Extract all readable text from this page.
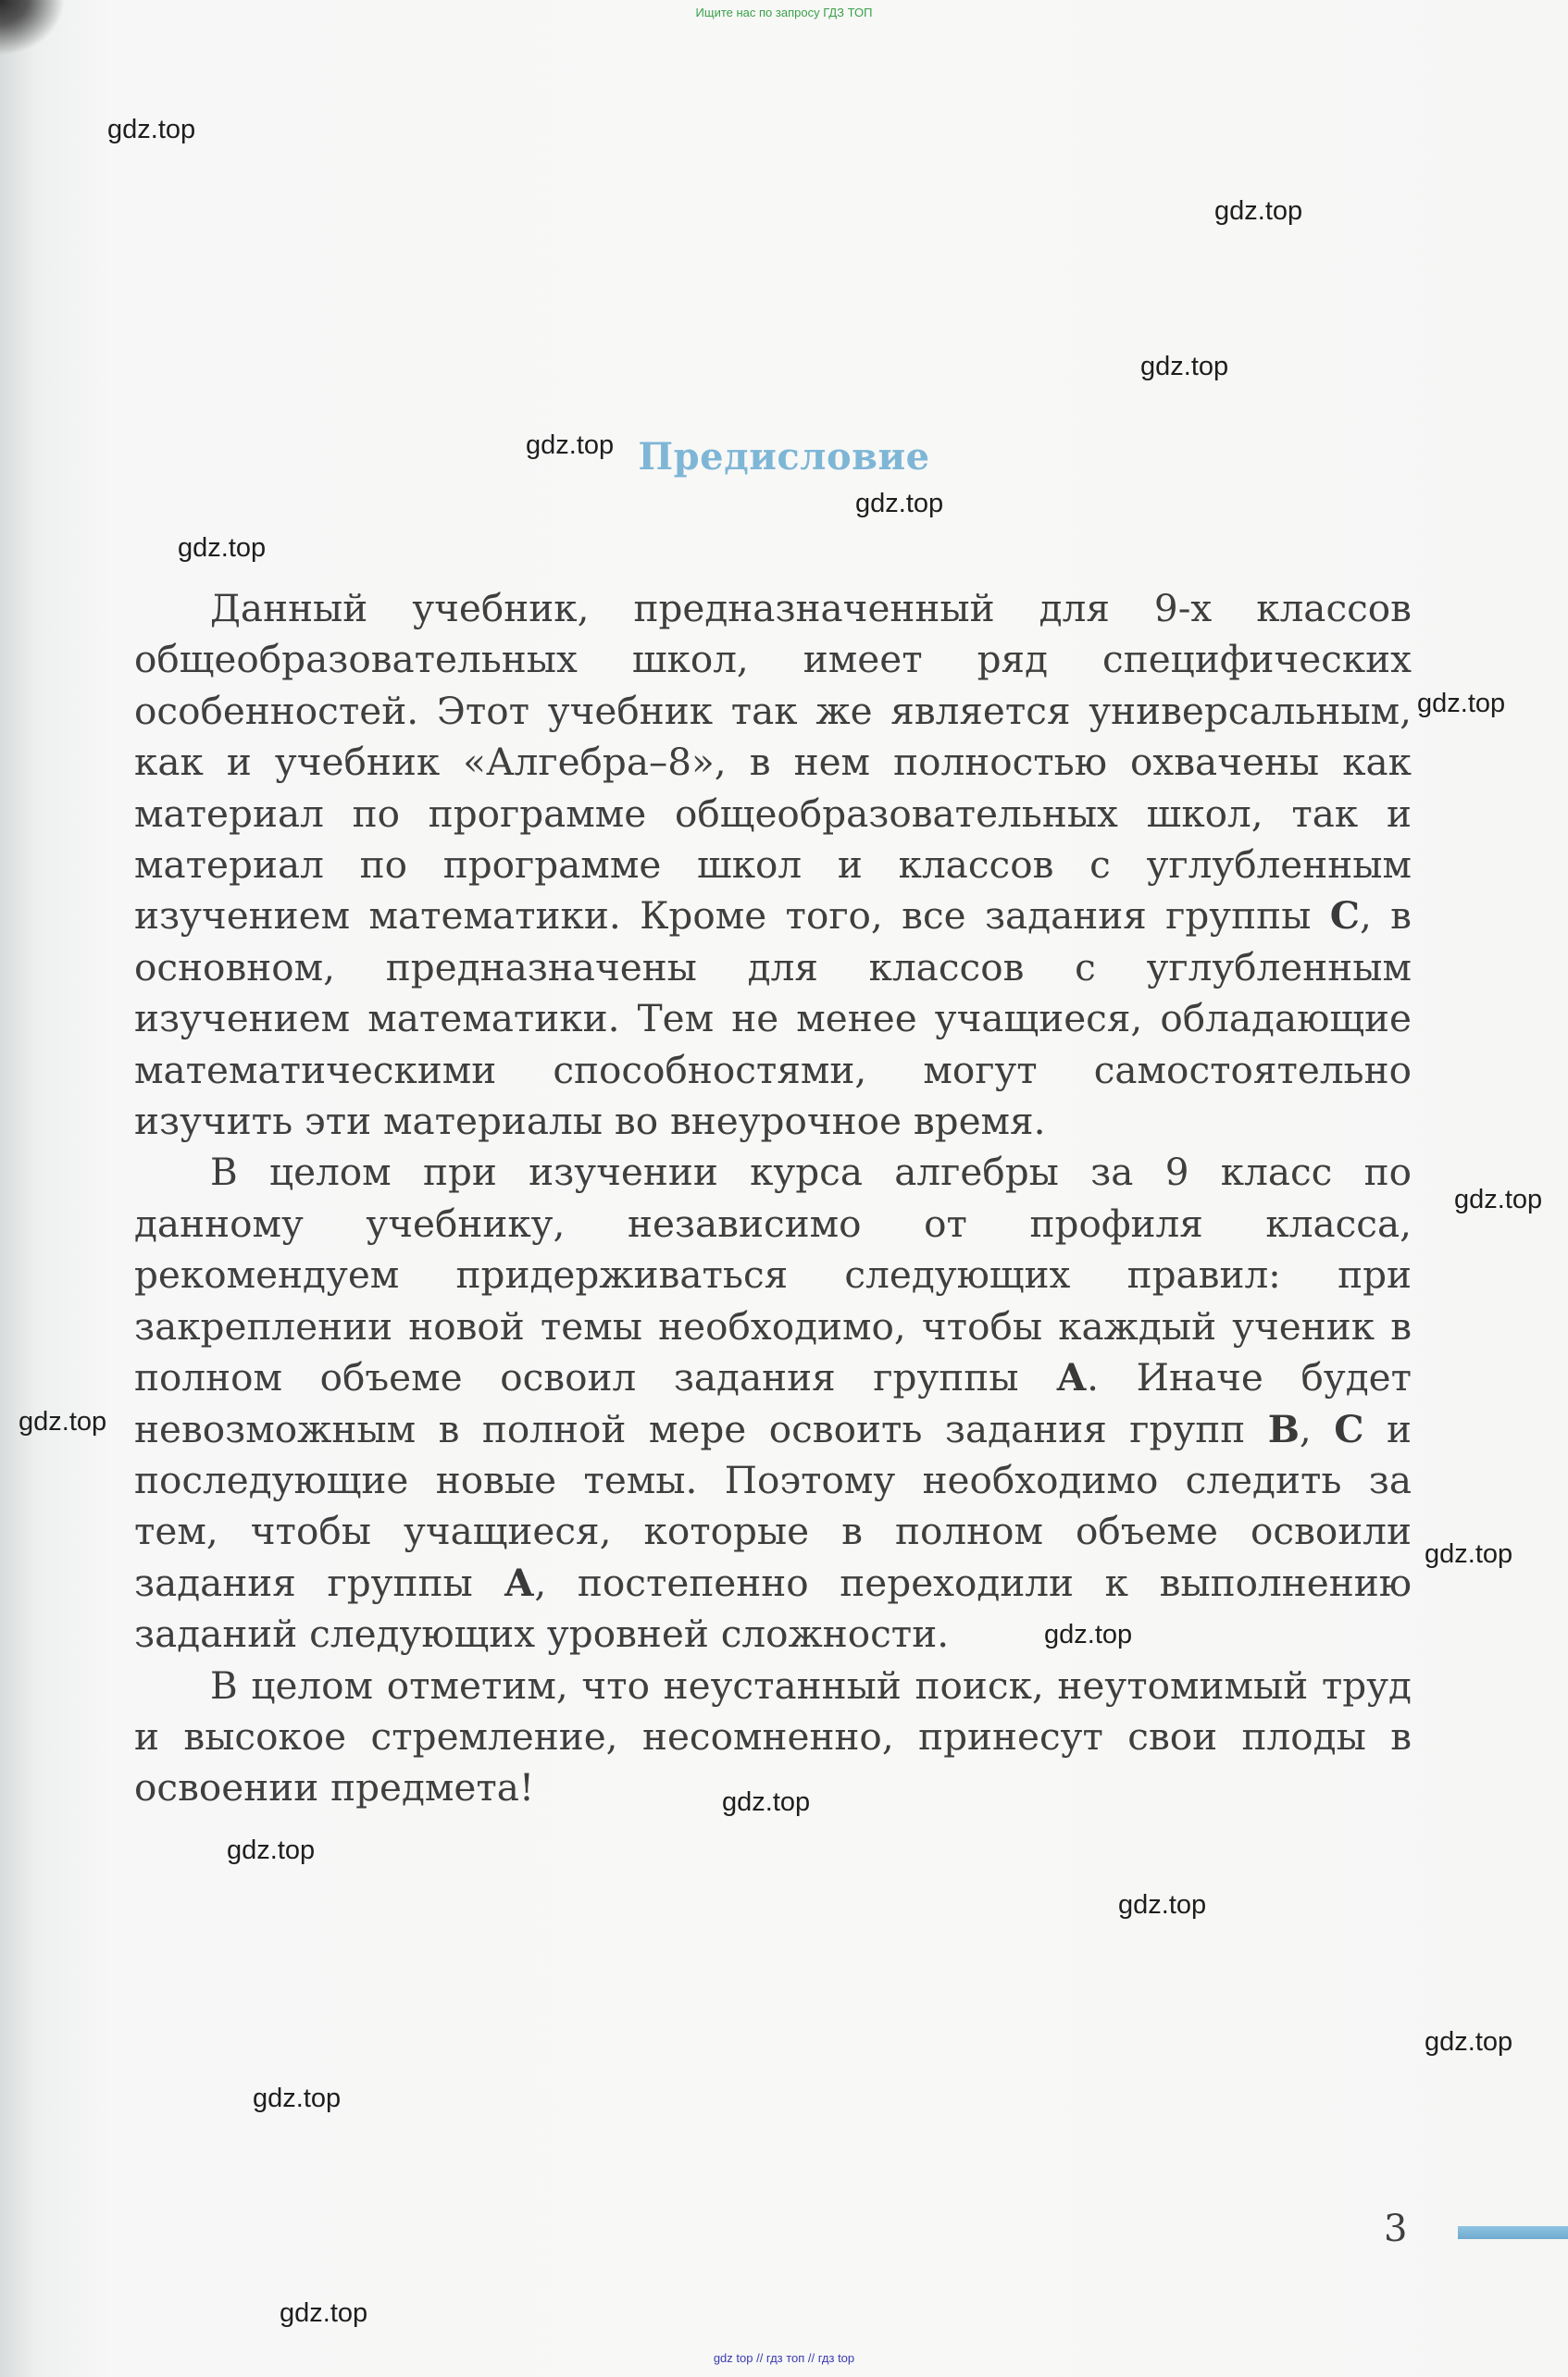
Ищите нас по запросу ГДЗ ТОП
Предисловие

Данный учебник, предназначенный для 9-х классов общеобразовательных школ, имеет ряд специфических особенностей. Этот учебник так же является универсальным, как и учебник «Алгебра–8», в нем полностью охвачены как материал по программе общеобразовательных школ, так и материал по программе школ и классов с углубленным изучением математики. Кроме того, все задания группы С, в основном, предназначены для классов с углубленным изучением математики. Тем не менее учащиеся, обладающие математическими способностями, могут самостоятельно изучить эти материалы во внеурочное время.

В целом при изучении курса алгебры за 9 класс по данному учебнику, независимо от профиля класса, рекомендуем придерживаться следующих правил: при закреплении новой темы необходимо, чтобы каждый ученик в полном объеме освоил задания группы А. Иначе будет невозможным в полной мере освоить задания групп В, С и последующие новые темы. Поэтому необходимо следить за тем, чтобы учащиеся, которые в полном объеме освоили задания группы А, постепенно переходили к выполнению заданий следующих уровней сложности.

В целом отметим, что неустанный поиск, неутомимый труд и высокое стремление, несомненно, принесут свои плоды в освоении предмета!

3
gdz.top
gdz.top
gdz.top
gdz.top
gdz.top
gdz.top
gdz.top
gdz.top
gdz.top
gdz.top
gdz.top
gdz.top
gdz.top
gdz.top
gdz.top
gdz.top
gdz.top
gdz top // гдз топ // гдз top
